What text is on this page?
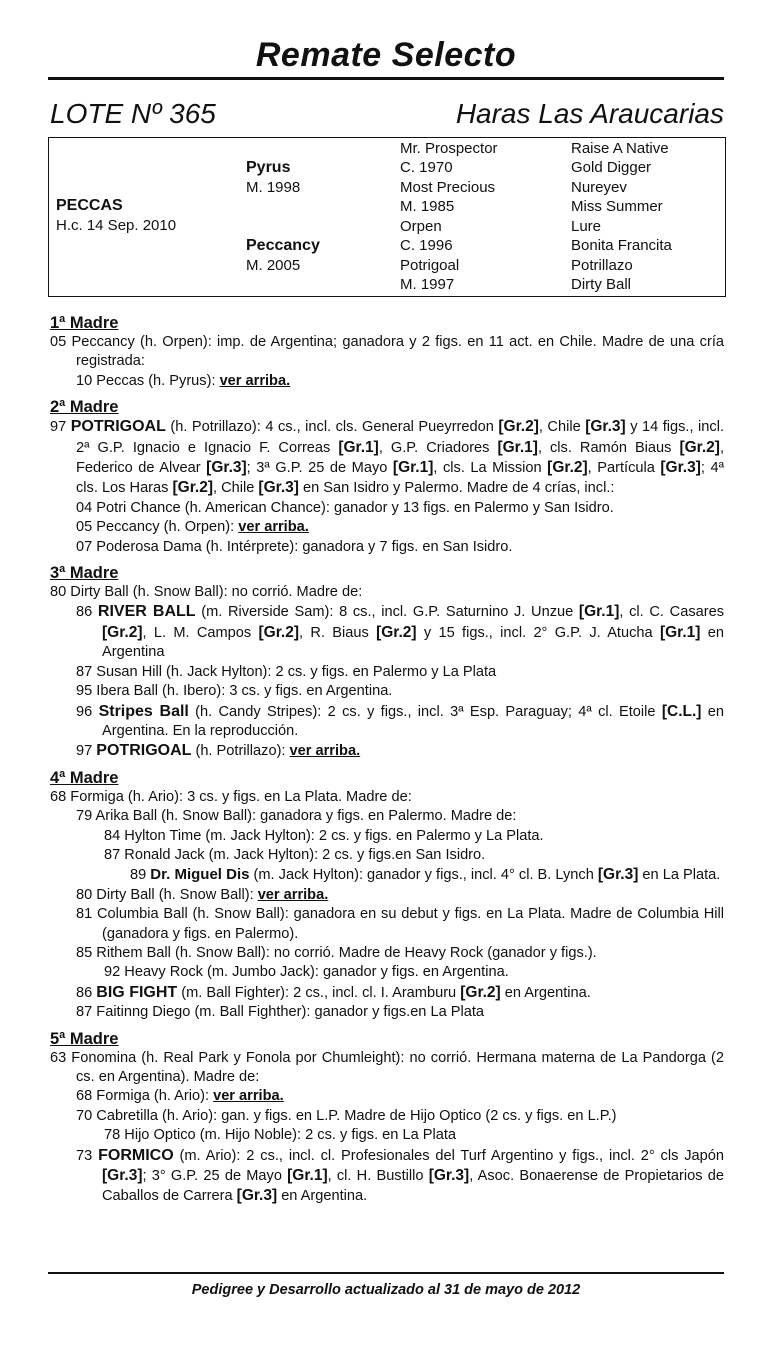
Remate Selecto
LOTE Nº 365	Haras Las Araucarias
PECCAS
H.c. 14 Sep. 2010
Pyrus
M. 1998
Peccancy
M. 2005
Mr. Prospector
C. 1970
Most Precious
M. 1985
Orpen
C. 1996
Potrigoal
M. 1997
Raise A Native
Gold Digger
Nureyev
Miss Summer
Lure
Bonita Francita
Potrillazo
Dirty Ball
1ª Madre
05 Peccancy (h. Orpen): imp. de Argentina; ganadora y 2 figs. en 11 act. en Chile. Madre de una cría registrada:
10 Peccas (h. Pyrus): ver arriba.
2ª Madre
97 POTRIGOAL (h. Potrillazo): 4 cs., incl. cls. General Pueyrredon [Gr.2], Chile [Gr.3] y 14 figs., incl. 2ª G.P. Ignacio e Ignacio F. Correas [Gr.1], G.P. Criadores [Gr.1], cls. Ramón Biaus [Gr.2], Federico de Alvear [Gr.3]; 3ª G.P. 25 de Mayo [Gr.1], cls. La Mission [Gr.2], Partícula [Gr.3]; 4ª cls. Los Haras [Gr.2], Chile [Gr.3] en San Isidro y Palermo. Madre de 4 crías, incl.:
04 Potri Chance (h. American Chance): ganador y 13 figs. en Palermo y San Isidro.
05 Peccancy (h. Orpen): ver arriba.
07 Poderosa Dama (h. Intérprete): ganadora y 7 figs. en San Isidro.
3ª Madre
80 Dirty Ball (h. Snow Ball): no corrió. Madre de:
86 RIVER BALL (m. Riverside Sam): 8 cs., incl. G.P. Saturnino J. Unzue [Gr.1], cl. C. Casares [Gr.2], L. M. Campos [Gr.2], R. Biaus [Gr.2] y 15 figs., incl. 2° G.P. J. Atucha [Gr.1] en Argentina
87 Susan Hill (h. Jack Hylton): 2 cs. y figs. en Palermo y La Plata
95 Ibera Ball (h. Ibero): 3 cs. y figs. en Argentina.
96 Stripes Ball (h. Candy Stripes): 2 cs. y figs., incl. 3ª Esp. Paraguay; 4ª cl. Etoile [C.L.] en Argentina. En la reproducción.
97 POTRIGOAL (h. Potrillazo): ver arriba.
4ª Madre
68 Formiga (h. Ario): 3 cs. y figs. en La Plata. Madre de:
79 Arika Ball (h. Snow Ball): ganadora y figs. en Palermo. Madre de:
84 Hylton Time (m. Jack Hylton): 2 cs. y figs. en Palermo y La Plata.
87 Ronald Jack (m. Jack Hylton): 2 cs. y figs.en San Isidro.
89 Dr. Miguel Dis (m. Jack Hylton): ganador y figs., incl. 4° cl. B. Lynch [Gr.3] en La Plata.
80 Dirty Ball (h. Snow Ball): ver arriba.
81 Columbia Ball (h. Snow Ball): ganadora en su debut y figs. en La Plata. Madre de Columbia Hill (ganadora y figs. en Palermo).
85 Rithem Ball (h. Snow Ball): no corrió. Madre de Heavy Rock (ganador y figs.).
92 Heavy Rock (m. Jumbo Jack): ganador y figs. en Argentina.
86 BIG FIGHT (m. Ball Fighter): 2 cs., incl. cl. I. Aramburu [Gr.2] en Argentina.
87 Faitinng Diego (m. Ball Fighther): ganador y figs.en La Plata
5ª Madre
63 Fonomina (h. Real Park y Fonola por Chumleight): no corrió. Hermana materna de La Pandorga (2 cs. en Argentina). Madre de:
68 Formiga (h. Ario): ver arriba.
70 Cabretilla (h. Ario): gan. y figs. en L.P. Madre de Hijo Optico (2 cs. y figs. en L.P.)
78 Hijo Optico (m. Hijo Noble): 2 cs. y figs. en La Plata
73 FORMICO (m. Ario): 2 cs., incl. cl. Profesionales del Turf Argentino y figs., incl. 2° cls Japón [Gr.3]; 3° G.P. 25 de Mayo [Gr.1], cl. H. Bustillo [Gr.3], Asoc. Bonaerense de Propietarios de Caballos de Carrera [Gr.3] en Argentina.
Pedigree y Desarrollo actualizado al 31 de mayo de 2012
